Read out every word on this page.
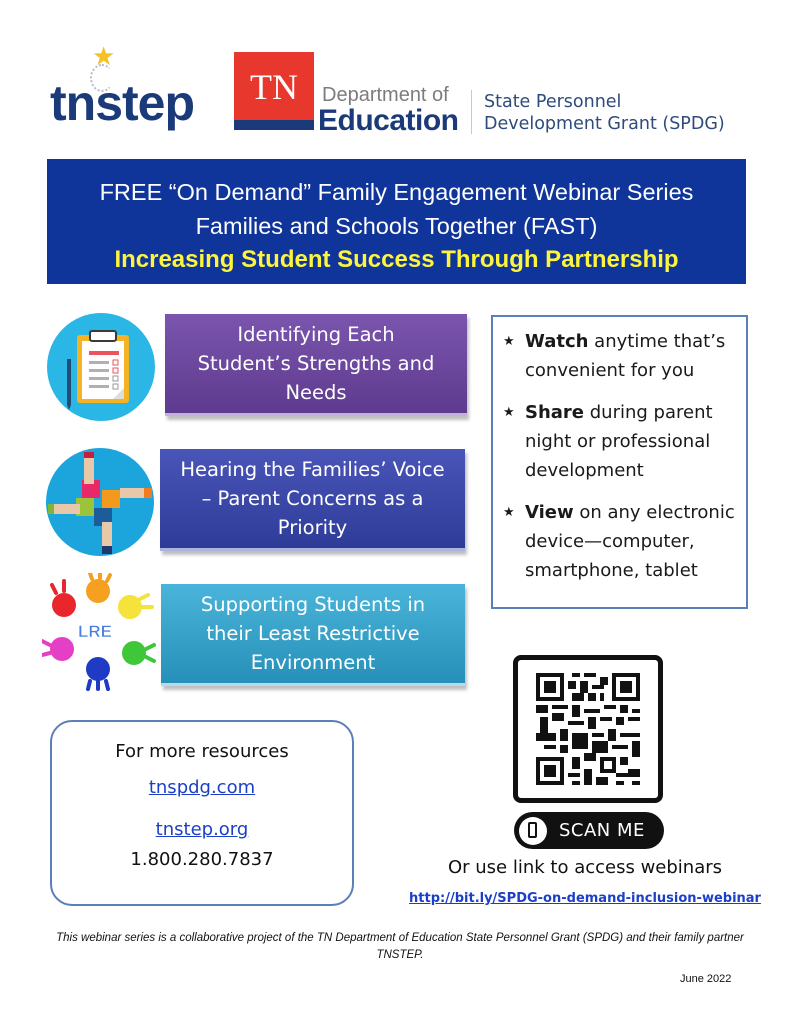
★
tnstep	TN	Department of
Education
State Personnel
Development Grant (SPDG)
FREE “On Demand” Family Engagement Webinar Series
Families and Schools Together (FAST)
Increasing Student Success Through Partnership
Identifying Each Student’s Strengths and Needs
Hearing the Families’ Voice – Parent Concerns as a Priority
LRE
Supporting Students in their Least Restrictive Environment
★ Watch anytime that’s convenient for you
★ Share during parent night or professional development
★ View on any electronic device—computer, smartphone, tablet
For more resources
tnspdg.com
tnstep.org
1.800.280.7837
SCAN ME
Or use link to access webinars
http://bit.ly/SPDG-on-demand-inclusion-webinar
This webinar series is a collaborative project of the TN Department of Education State Personnel Grant (SPDG) and their family partner TNSTEP.
June 2022
